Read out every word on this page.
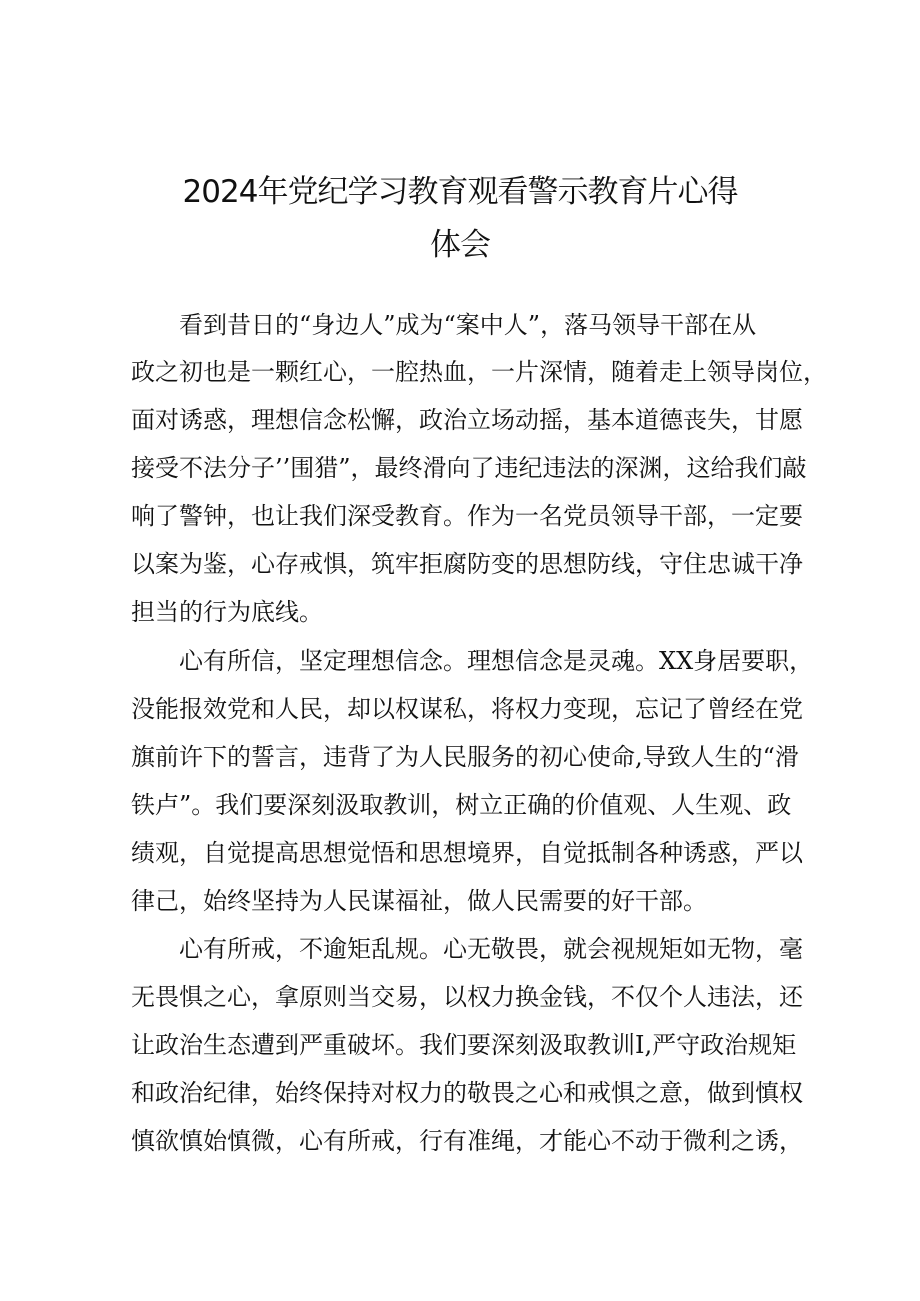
2024年党纪学习教育观看警示教育片心得
体会

看到昔日的“身边人”成为“案中人”，落马领导干部在从

政之初也是一颗红心，一腔热血，一片深情，随着走上领导岗位，

面对诱惑，理想信念松懈，政治立场动摇，基本道德丧失，甘愿

接受不法分子’’围猎”，最终滑向了违纪违法的深渊，这给我们敲

响了警钟，也让我们深受教育。作为一名党员领导干部，一定要

以案为鉴，心存戒惧，筑牢拒腐防变的思想防线，守住忠诚干净

担当的行为底线。

心有所信，坚定理想信念。理想信念是灵魂。XX身居要职，

没能报效党和人民，却以权谋私，将权力变现，忘记了曾经在党

旗前许下的誓言，违背了为人民服务的初心使命,导致人生的“滑

铁卢”。我们要深刻汲取教训，树立正确的价值观、人生观、政

绩观，自觉提高思想觉悟和思想境界，自觉抵制各种诱惑，严以

律己，始终坚持为人民谋福祉，做人民需要的好干部。

心有所戒，不逾矩乱规。心无敬畏，就会视规矩如无物，毫

无畏惧之心，拿原则当交易，以权力换金钱，不仅个人违法，还

让政治生态遭到严重破坏。我们要深刻汲取教训I,严守政治规矩

和政治纪律，始终保持对权力的敬畏之心和戒惧之意，做到慎权

慎欲慎始慎微，心有所戒，行有准绳，才能心不动于微利之诱，
